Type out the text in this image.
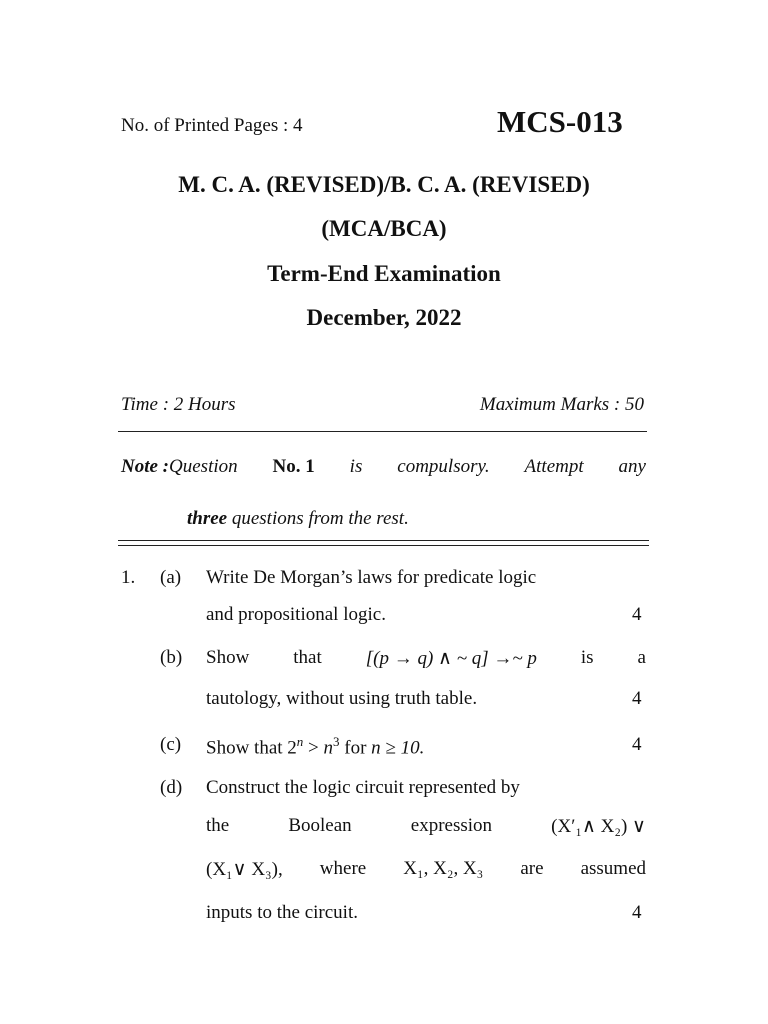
No. of Printed Pages : 4	MCS-013
M. C. A. (REVISED)/B. C. A. (REVISED)
(MCA/BCA)
Term-End Examination
December, 2022
Time : 2 Hours	Maximum Marks : 50
Note :Question No. 1 is compulsory. Attempt any
three questions from the rest.
1. (a) Write De Morgan’s laws for predicate logic
and propositional logic.	4
(b) Show that [(p → q) ∧ ~ q] →~ p is a
tautology, without using truth table.	4
(c) Show that $2^n > n^3$ for n ≥ 10.	4
(d) Construct the logic circuit represented by
the	Boolean	expression	(X′₁∧ X₂) ∨
(X₁∨ X₃), where X₁, X₂, X₃ are assumed
inputs to the circuit.	4
